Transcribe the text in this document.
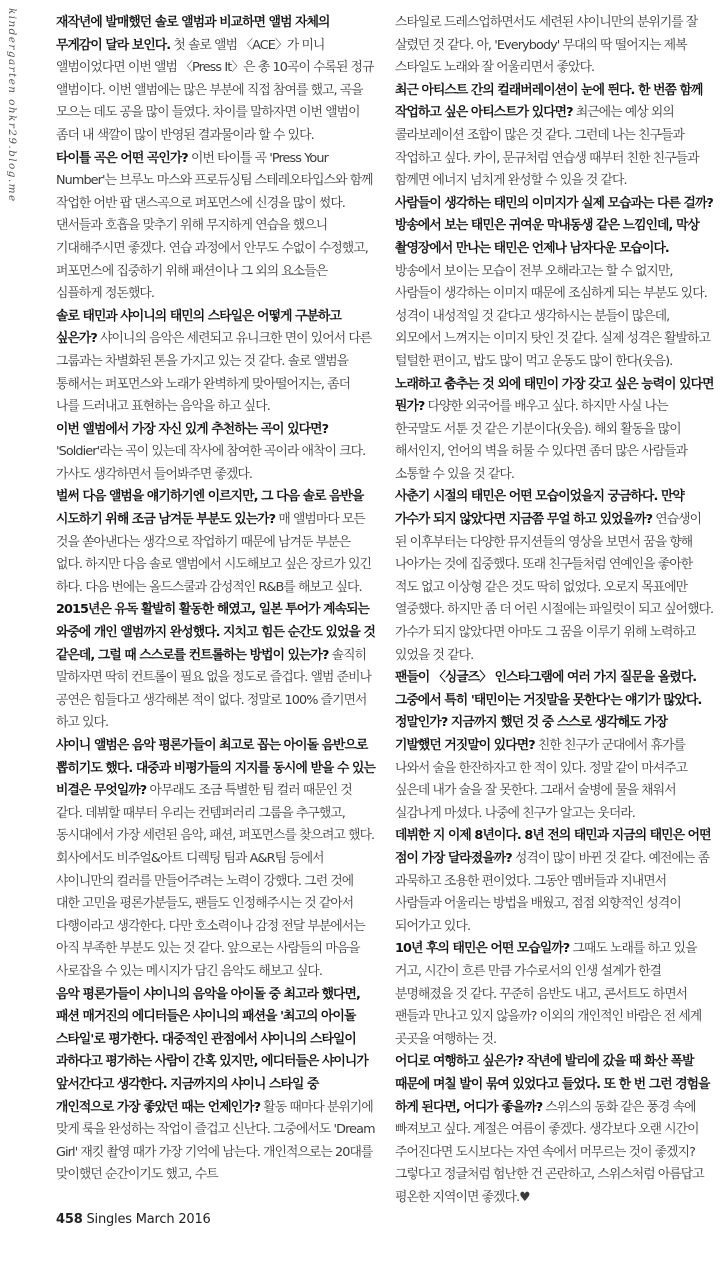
kindergarten ohkr29.blog.me	재작년에 발매했던 솔로 앨범과 비교하면 앨범 자체의 무게감이 달라 보인다. 첫 솔로 앨범 〈ACE〉가 미니 앨범이었다면 이번 앨범 〈Press It〉은 총 10곡이 수록된 정규 앨범이다. 이번 앨범에는 많은 부분에 직접 참여를 했고, 곡을 모으는 데도 공을 많이 들였다. 차이를 말하자면 이번 앨범이 좀더 내 색깔이 많이 반영된 결과물이라 할 수 있다.

타이틀 곡은 어떤 곡인가? 이번 타이틀 곡 'Press Your Number'는 브루노 마스와 프로듀싱팀 스테레오타입스와 함께 작업한 어반 팝 댄스곡으로 퍼포먼스에 신경을 많이 썼다. 댄서들과 호흡을 맞추기 위해 무지하게 연습을 했으니 기대해주시면 좋겠다. 연습 과정에서 안무도 수없이 수정했고, 퍼포먼스에 집중하기 위해 패션이나 그 외의 요소들은 심플하게 정돈했다.

솔로 태민과 샤이니의 태민의 스타일은 어떻게 구분하고 싶은가? 샤이니의 음악은 세련되고 유니크한 면이 있어서 다른 그룹과는 차별화된 톤을 가지고 있는 것 같다. 솔로 앨범을 통해서는 퍼포먼스와 노래가 완벽하게 맞아떨어지는, 좀더 나를 드러내고 표현하는 음악을 하고 싶다.

이번 앨범에서 가장 자신 있게 추천하는 곡이 있다면? 'Soldier'라는 곡이 있는데 작사에 참여한 곡이라 애착이 크다. 가사도 생각하면서 들어봐주면 좋겠다.

벌써 다음 앨범을 얘기하기엔 이르지만, 그 다음 솔로 음반을 시도하기 위해 조금 남겨둔 부분도 있는가? 매 앨범마다 모든 것을 쏟아낸다는 생각으로 작업하기 때문에 남겨둔 부분은 없다. 하지만 다음 솔로 앨범에서 시도해보고 싶은 장르가 있긴 하다. 다음 번에는 올드스쿨과 감성적인 R&B를 해보고 싶다.

2015년은 유독 활발히 활동한 해였고, 일본 투어가 계속되는 와중에 개인 앨범까지 완성했다. 지치고 힘든 순간도 있었을 것 같은데, 그럴 때 스스로를 컨트롤하는 방법이 있는가? 솔직히 말하자면 딱히 컨트롤이 필요 없을 정도로 즐겁다. 앨범 준비나 공연은 힘들다고 생각해본 적이 없다. 정말로 100% 즐기면서 하고 있다.

샤이니 앨범은 음악 평론가들이 최고로 꼽는 아이돌 음반으로 뽑히기도 했다. 대중과 비평가들의 지지를 동시에 받을 수 있는 비결은 무엇일까? 아무래도 조금 특별한 팀 컬러 때문인 것 같다. 데뷔할 때부터 우리는 컨템퍼러리 그룹을 추구했고, 동시대에서 가장 세련된 음악, 패션, 퍼포먼스를 찾으려고 했다. 회사에서도 비주얼&아트 디렉팅 팀과 A&R팀 등에서 샤이니만의 컬러를 만들어주려는 노력이 강했다. 그런 것에 대한 고민을 평론가분들도, 팬들도 인정해주시는 것 같아서 다행이라고 생각한다. 다만 호소력이나 감정 전달 부분에서는 아직 부족한 부분도 있는 것 같다. 앞으로는 사람들의 마음을 사로잡을 수 있는 메시지가 담긴 음악도 해보고 싶다.

음악 평론가들이 샤이니의 음악을 아이돌 중 최고라 했다면, 패션 매거진의 에디터들은 샤이니의 패션을 '최고의 아이돌 스타일'로 평가한다. 대중적인 관점에서 샤이니의 스타일이 과하다고 평가하는 사람이 간혹 있지만, 에디터들은 샤이니가 앞서간다고 생각한다. 지금까지의 샤이니 스타일 중 개인적으로 가장 좋았던 때는 언제인가? 활동 때마다 분위기에 맞게 룩을 완성하는 작업이 즐겁고 신난다. 그중에서도 'Dream Girl' 재킷 촬영 때가 가장 기억에 남는다. 개인적으로는 20대를 맞이했던 순간이기도 했고, 수트

스타일로 드레스업하면서도 세련된 샤이니만의 분위기를 잘 살렸던 것 같다. 아, 'Everybody' 무대의 딱 떨어지는 제복 스타일도 노래와 잘 어울리면서 좋았다.

최근 아티스트 간의 컬래버레이션이 눈에 띈다. 한 번쯤 함께 작업하고 싶은 아티스트가 있다면? 최근에는 예상 외의 콜라보레이션 조합이 많은 것 같다. 그런데 나는 친구들과 작업하고 싶다. 카이, 문규처럼 연습생 때부터 친한 친구들과 함께면 에너지 넘치게 완성할 수 있을 것 같다.

사람들이 생각하는 태민의 이미지가 실제 모습과는 다른 걸까? 방송에서 보는 태민은 귀여운 막내동생 같은 느낌인데, 막상 촬영장에서 만나는 태민은 언제나 남자다운 모습이다. 방송에서 보이는 모습이 전부 오해라고는 할 수 없지만, 사람들이 생각하는 이미지 때문에 조심하게 되는 부분도 있다. 성격이 내성적일 것 같다고 생각하시는 분들이 많은데, 외모에서 느껴지는 이미지 탓인 것 같다. 실제 성격은 활발하고 털털한 편이고, 밥도 많이 먹고 운동도 많이 한다(웃음).

노래하고 춤추는 것 외에 태민이 가장 갖고 싶은 능력이 있다면 뭔가? 다양한 외국어를 배우고 싶다. 하지만 사실 나는 한국말도 서툰 것 같은 기분이다(웃음). 해외 활동을 많이 해서인지, 언어의 벽을 허물 수 있다면 좀더 많은 사람들과 소통할 수 있을 것 같다.

사춘기 시절의 태민은 어떤 모습이었을지 궁금하다. 만약 가수가 되지 않았다면 지금쯤 무얼 하고 있었을까? 연습생이 된 이후부터는 다양한 뮤지션들의 영상을 보면서 꿈을 향해 나아가는 것에 집중했다. 또래 친구들처럼 연예인을 좋아한 적도 없고 이상형 같은 것도 딱히 없었다. 오로지 목표에만 열중했다. 하지만 좀 더 어린 시절에는 파일럿이 되고 싶어했다. 가수가 되지 않았다면 아마도 그 꿈을 이루기 위해 노력하고 있었을 것 같다.

팬들이 〈싱글즈〉 인스타그램에 여러 가지 질문을 올렸다. 그중에서 특히 '태민이는 거짓말을 못한다'는 얘기가 많았다. 정말인가? 지금까지 했던 것 중 스스로 생각해도 가장 기발했던 거짓말이 있다면? 친한 친구가 군대에서 휴가를 나와서 술을 한잔하자고 한 적이 있다. 정말 같이 마셔주고 싶은데 내가 술을 잘 못한다. 그래서 술병에 물을 채워서 실감나게 마셨다. 나중에 친구가 알고는 웃더라.

데뷔한 지 이제 8년이다. 8년 전의 태민과 지금의 태민은 어떤 점이 가장 달라졌을까? 성격이 많이 바뀐 것 같다. 예전에는 좀 과묵하고 조용한 편이었다. 그동안 멤버들과 지내면서 사람들과 어울리는 방법을 배웠고, 점점 외향적인 성격이 되어가고 있다.

10년 후의 태민은 어떤 모습일까? 그때도 노래를 하고 있을 거고, 시간이 흐른 만큼 가수로서의 인생 설계가 한결 분명해졌을 것 같다. 꾸준히 음반도 내고, 콘서트도 하면서 팬들과 만나고 있지 않을까? 이외의 개인적인 바람은 전 세계 곳곳을 여행하는 것.

어디로 여행하고 싶은가? 작년에 발리에 갔을 때 화산 폭발 때문에 며칠 발이 묶여 있었다고 들었다. 또 한 번 그런 경험을 하게 된다면, 어디가 좋을까? 스위스의 동화 같은 풍경 속에 빠져보고 싶다. 계절은 여름이 좋겠다. 생각보다 오랜 시간이 주어진다면 도시보다는 자연 속에서 머무르는 것이 좋겠지? 그렇다고 정글처럼 험난한 건 곤란하고, 스위스처럼 아름답고 평온한 지역이면 좋겠다.♥

458 Singles March 2016
